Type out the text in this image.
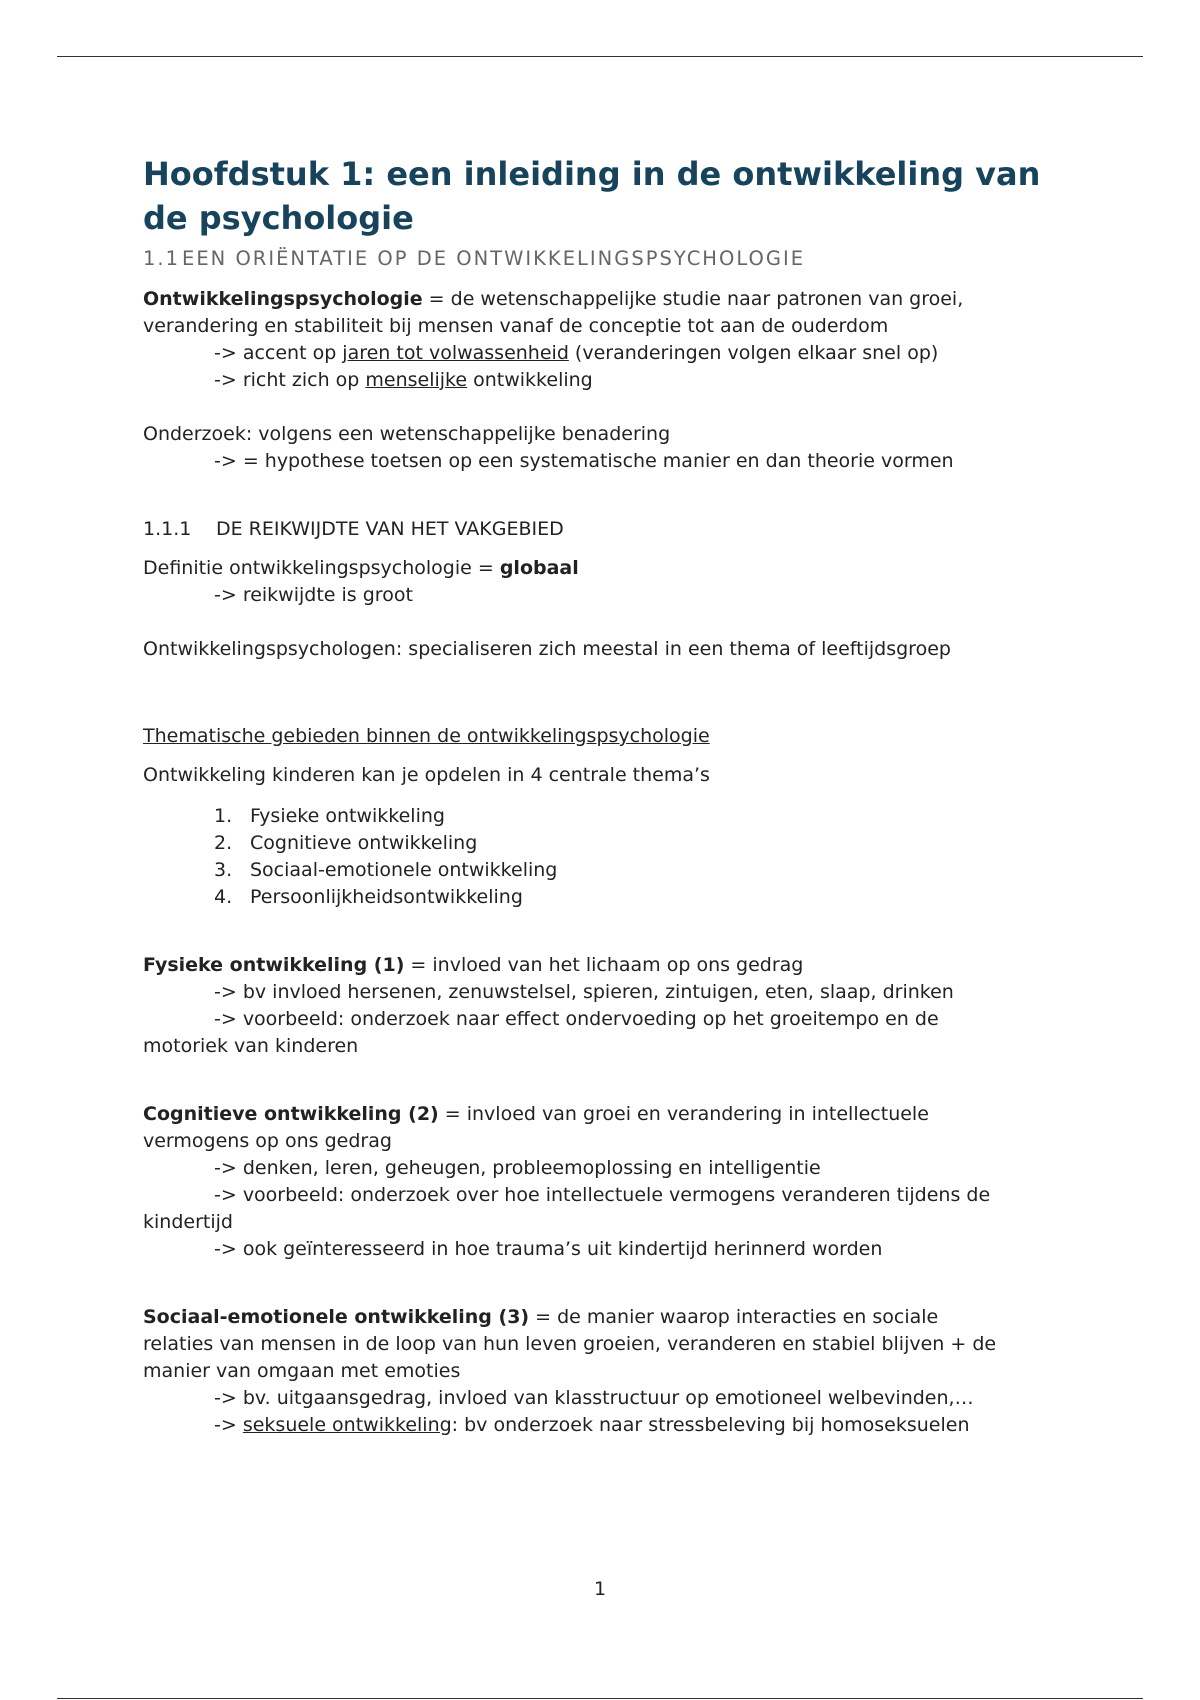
Hoofdstuk 1: een inleiding in de ontwikkeling van de psychologie
1.1 EEN ORIËNTATIE OP DE ONTWIKKELINGSPSYCHOLOGIE

Ontwikkelingspsychologie = de wetenschappelijke studie naar patronen van groei, verandering en stabiliteit bij mensen vanaf de conceptie tot aan de ouderdom

-> accent op jaren tot volwassenheid (veranderingen volgen elkaar snel op)

-> richt zich op menselijke ontwikkeling

Onderzoek: volgens een wetenschappelijke benadering

-> = hypothese toetsen op een systematische manier en dan theorie vormen

1.1.1 DE REIKWIJDTE VAN HET VAKGEBIED

Definitie ontwikkelingspsychologie = globaal

-> reikwijdte is groot

Ontwikkelingspsychologen: specialiseren zich meestal in een thema of leeftijdsgroep

Thematische gebieden binnen de ontwikkelingspsychologie

Ontwikkeling kinderen kan je opdelen in 4 centrale thema’s

1. Fysieke ontwikkeling
2. Cognitieve ontwikkeling
3. Sociaal-emotionele ontwikkeling
4. Persoonlijkheidsontwikkeling

Fysieke ontwikkeling (1) = invloed van het lichaam op ons gedrag

-> bv invloed hersenen, zenuwstelsel, spieren, zintuigen, eten, slaap, drinken

-> voorbeeld: onderzoek naar effect ondervoeding op het groeitempo en de

motoriek van kinderen

Cognitieve ontwikkeling (2) = invloed van groei en verandering in intellectuele

vermogens op ons gedrag

-> denken, leren, geheugen, probleemoplossing en intelligentie

-> voorbeeld: onderzoek over hoe intellectuele vermogens veranderen tijdens de

kindertijd

-> ook geïnteresseerd in hoe trauma’s uit kindertijd herinnerd worden

Sociaal-emotionele ontwikkeling (3) = de manier waarop interacties en sociale

relaties van mensen in de loop van hun leven groeien, veranderen en stabiel blijven + de

manier van omgaan met emoties

-> bv. uitgaansgedrag, invloed van klasstructuur op emotioneel welbevinden,…

-> seksuele ontwikkeling: bv onderzoek naar stressbeleving bij homoseksuelen

1
